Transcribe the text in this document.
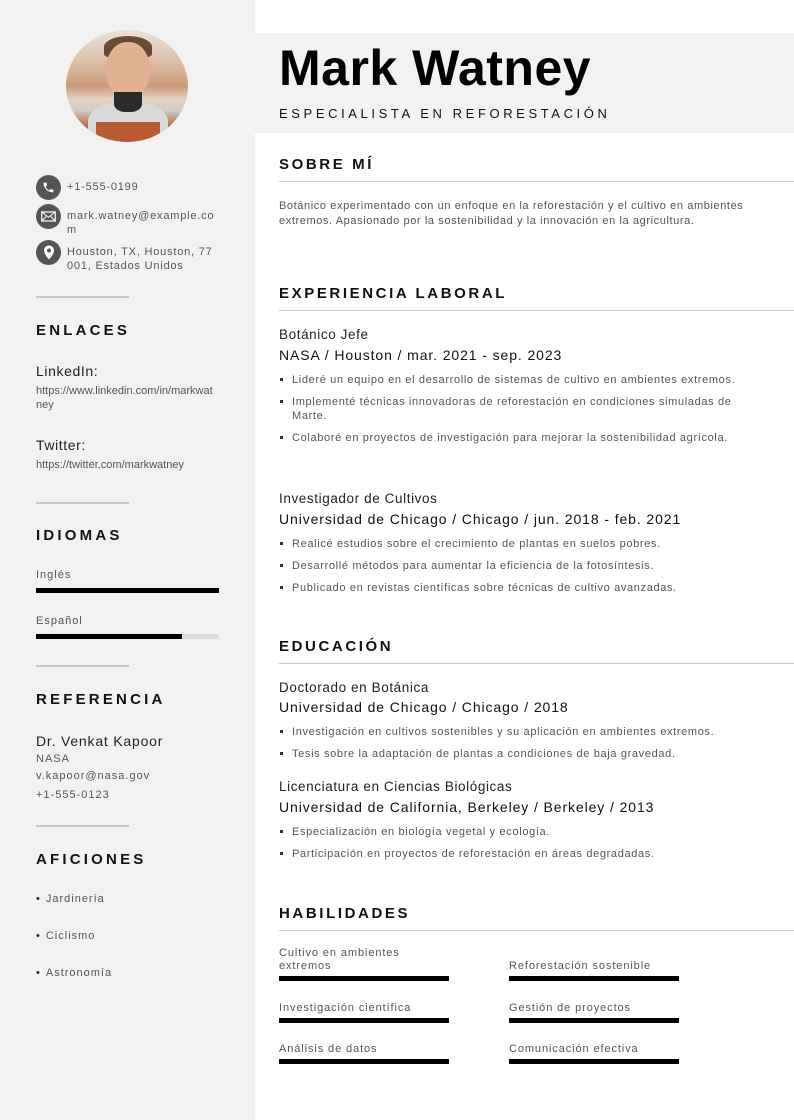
+1-555-0199
mark.watney@example.com
Houston, TX, Houston, 77001, Estados Unidos
ENLACES
LinkedIn:
https://www.linkedin.com/in/markwatney
Twitter:
https://twitter.com/markwatney
IDIOMAS
Inglés
Español
REFERENCIA
Dr. Venkat Kapoor
NASA
v.kapoor@nasa.gov
+1-555-0123
AFICIONES
• Jardinería
• Ciclismo
• Astronomía
Mark Watney
ESPECIALISTA EN REFORESTACIÓN
SOBRE MÍ

Botánico experimentado con un enfoque en la reforestación y el cultivo en ambientes extremos. Apasionado por la sostenibilidad y la innovación en la agricultura.

EXPERIENCIA LABORAL
Botánico Jefe
NASA / Houston / mar. 2021 - sep. 2023
Lideré un equipo en el desarrollo de sistemas de cultivo en ambientes extremos.
Implementé técnicas innovadoras de reforestación en condiciones simuladas de Marte.
Colaboré en proyectos de investigación para mejorar la sostenibilidad agrícola.
Investigador de Cultivos
Universidad de Chicago / Chicago / jun. 2018 - feb. 2021
Realicé estudios sobre el crecimiento de plantas en suelos pobres.
Desarrollé métodos para aumentar la eficiencia de la fotosíntesis.
Publicado en revistas científicas sobre técnicas de cultivo avanzadas.
EDUCACIÓN
Doctorado en Botánica
Universidad de Chicago / Chicago / 2018
Investigación en cultivos sostenibles y su aplicación en ambientes extremos.
Tesis sobre la adaptación de plantas a condiciones de baja gravedad.
Licenciatura en Ciencias Biológicas
Universidad de California, Berkeley / Berkeley / 2013
Especialización en biología vegetal y ecología.
Participación en proyectos de reforestación en áreas degradadas.
HABILIDADES
Cultivo en ambientes extremos	Reforestación sostenible
Investigación científica	Gestión de proyectos
Análisis de datos	Comunicación efectiva
